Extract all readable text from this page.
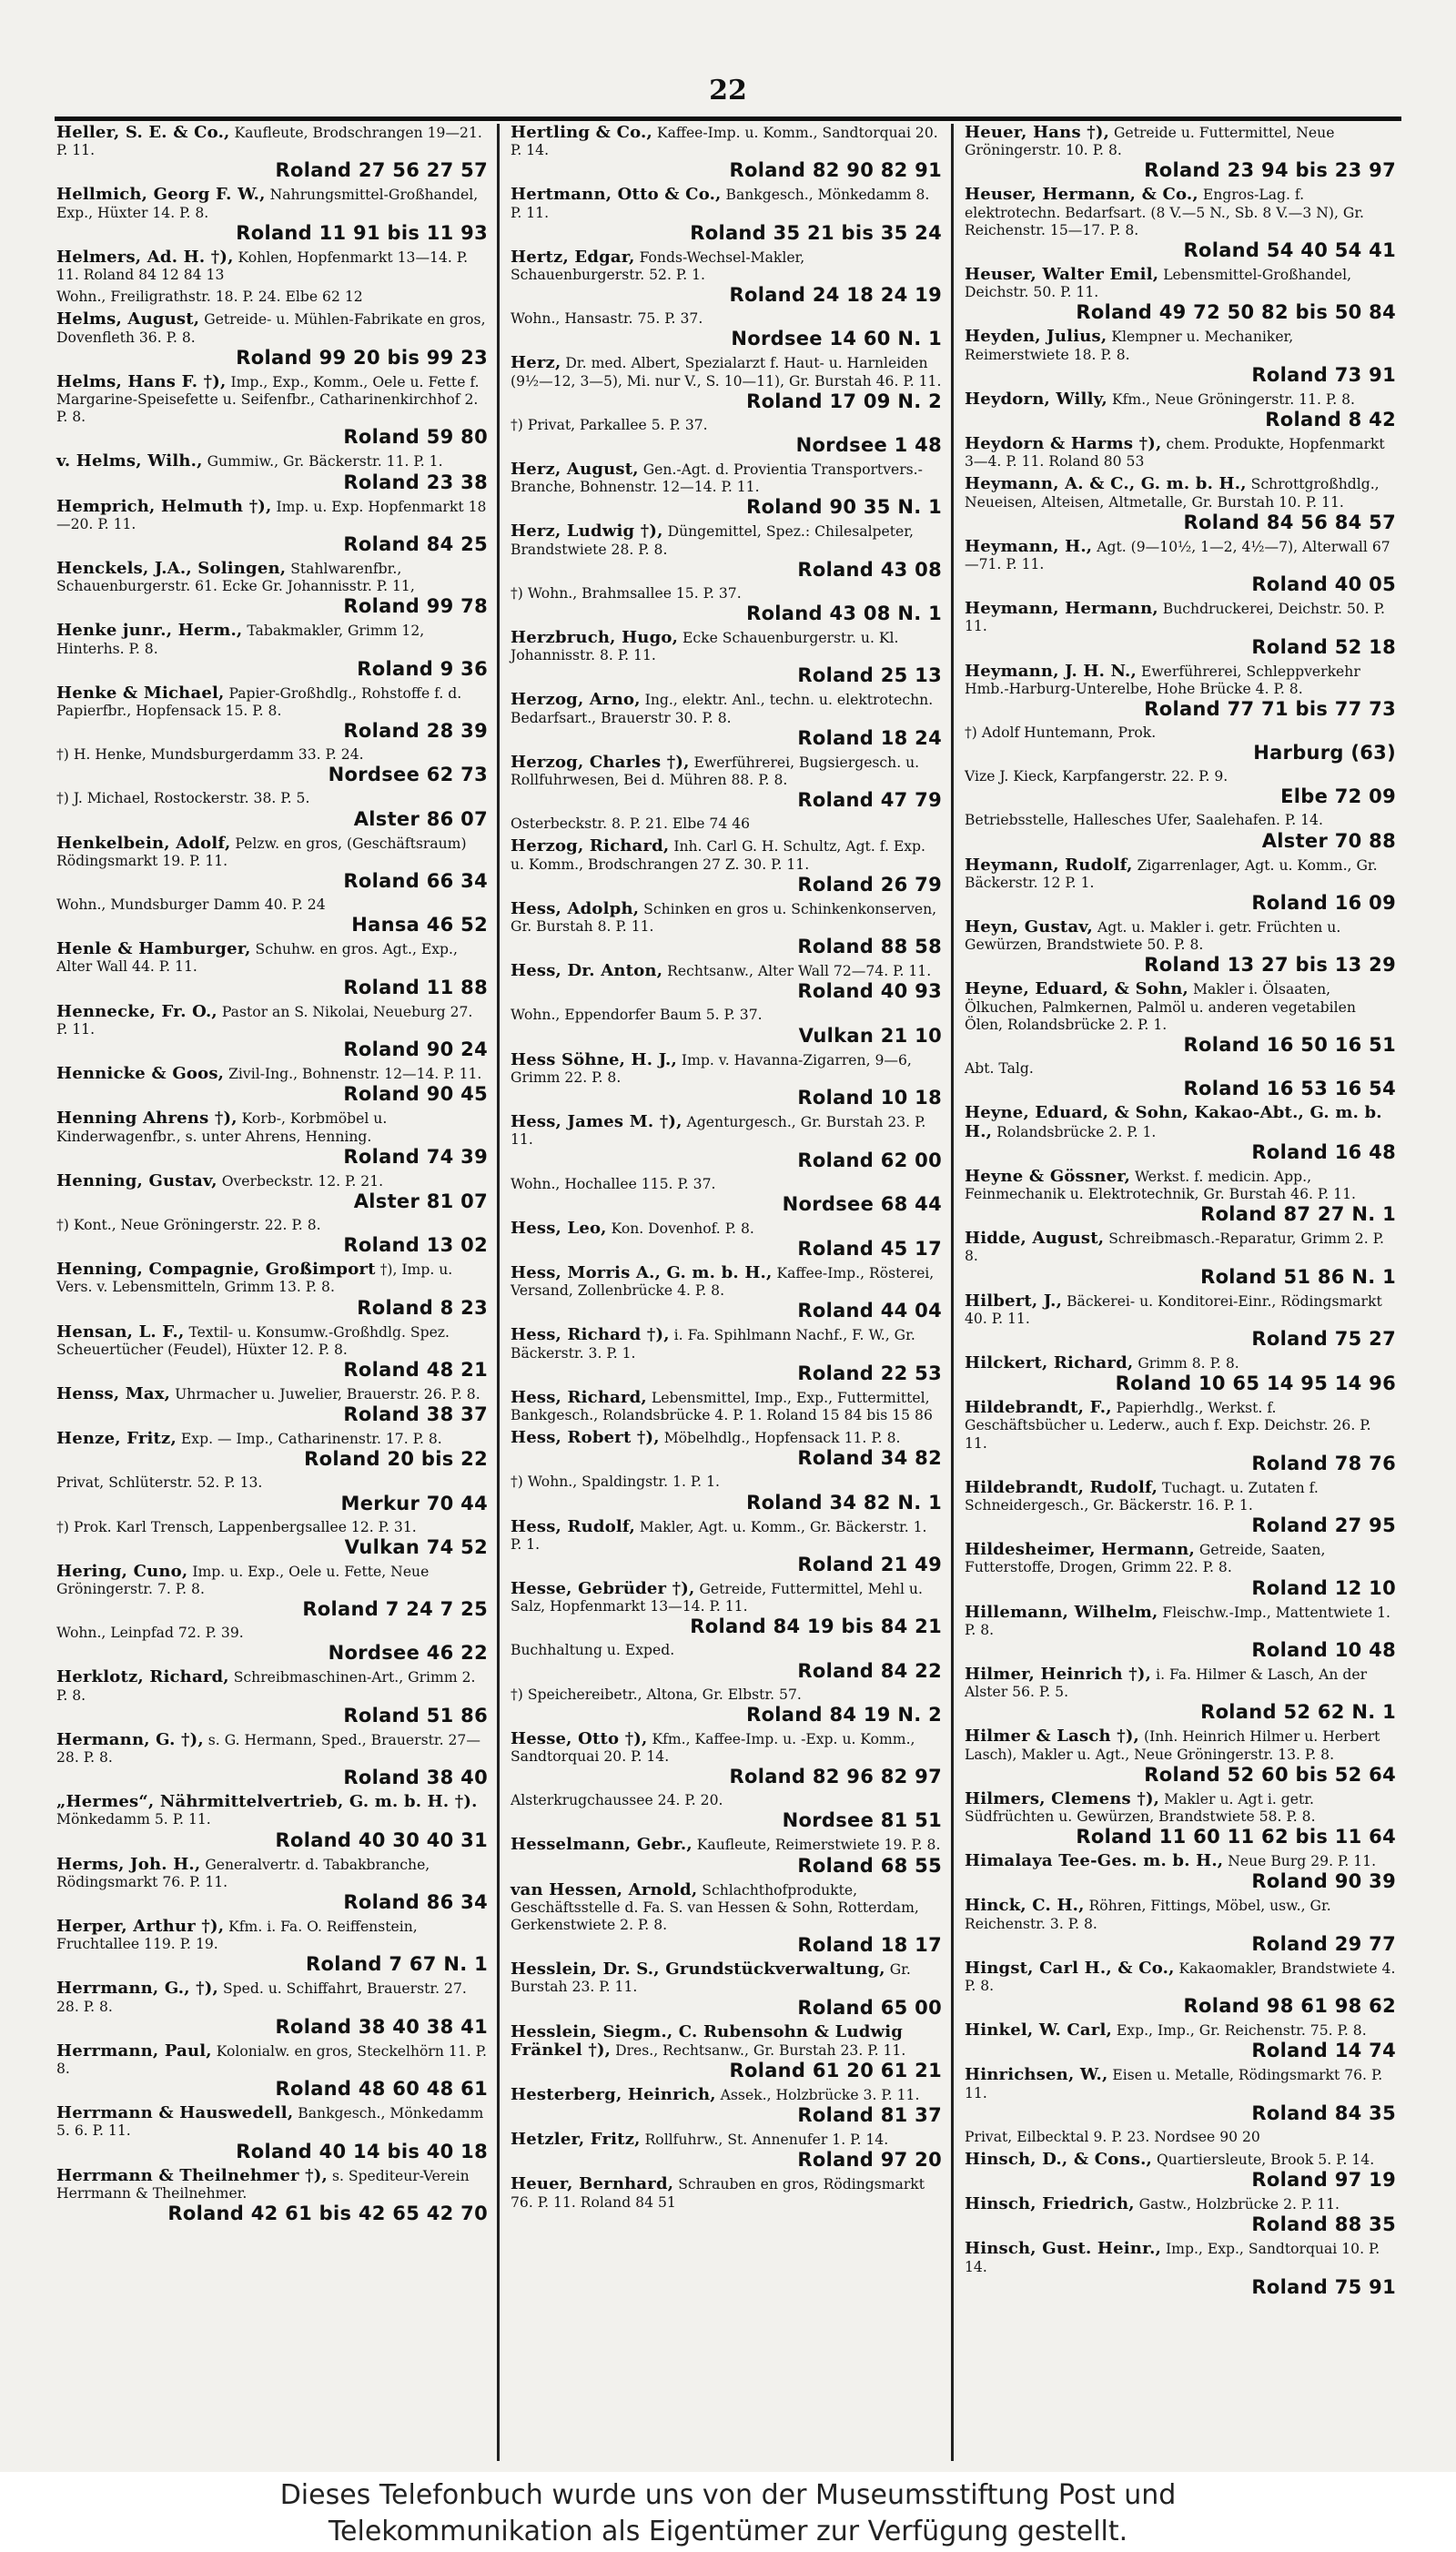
22
Heller, S. E. & Co., Kaufleute, Brodschrangen 19—21. P. 11.
Roland 27 56 27 57
Hellmich, Georg F. W., Nahrungsmittel-Großhandel, Exp., Hüxter 14. P. 8.
Roland 11 91 bis 11 93
Helmers, Ad. H. †), Kohlen, Hopfenmarkt 13—14. P. 11. Roland 84 12 84 13
Wohn., Freiligrathstr. 18. P. 24. Elbe 62 12
Helms, August, Getreide- u. Mühlen-Fabrikate en gros, Dovenfleth 36. P. 8.
Roland 99 20 bis 99 23
Helms, Hans F. †), Imp., Exp., Komm., Oele u. Fette f. Margarine-Speisefette u. Seifenfbr., Catharinenkirchhof 2. P. 8.
Roland 59 80
v. Helms, Wilh., Gummiw., Gr. Bäckerstr. 11. P. 1.
Roland 23 38
Hemprich, Helmuth †), Imp. u. Exp. Hopfenmarkt 18—20. P. 11.
Roland 84 25
Henckels, J.A., Solingen, Stahlwarenfbr., Schauenburgerstr. 61. Ecke Gr. Johannisstr. P. 11,
Roland 99 78
Henke junr., Herm., Tabakmakler, Grimm 12, Hinterhs. P. 8.
Roland 9 36
Henke & Michael, Papier-Großhdlg., Rohstoffe f. d. Papierfbr., Hopfensack 15. P. 8.
Roland 28 39
†) H. Henke, Mundsburgerdamm 33. P. 24.
Nordsee 62 73
†) J. Michael, Rostockerstr. 38. P. 5.
Alster 86 07
Henkelbein, Adolf, Pelzw. en gros, (Geschäftsraum) Rödingsmarkt 19. P. 11.
Roland 66 34
Wohn., Mundsburger Damm 40. P. 24
Hansa 46 52
Henle & Hamburger, Schuhw. en gros. Agt., Exp., Alter Wall 44. P. 11.
Roland 11 88
Hennecke, Fr. O., Pastor an S. Nikolai, Neueburg 27. P. 11.
Roland 90 24
Hennicke & Goos, Zivil-Ing., Bohnenstr. 12—14. P. 11.
Roland 90 45
Henning Ahrens †), Korb-, Korbmöbel u. Kinderwagenfbr., s. unter Ahrens, Henning.
Roland 74 39
Henning, Gustav, Overbeckstr. 12. P. 21.
Alster 81 07
†) Kont., Neue Gröningerstr. 22. P. 8.
Roland 13 02
Henning, Compagnie, Großimport †), Imp. u. Vers. v. Lebensmitteln, Grimm 13. P. 8.
Roland 8 23
Hensan, L. F., Textil- u. Konsumw.-Großhdlg. Spez. Scheuertücher (Feudel), Hüxter 12. P. 8.
Roland 48 21
Henss, Max, Uhrmacher u. Juwelier, Brauerstr. 26. P. 8.
Roland 38 37
Henze, Fritz, Exp. — Imp., Catharinenstr. 17. P. 8.
Roland 20 bis 22
Privat, Schlüterstr. 52. P. 13.
Merkur 70 44
†) Prok. Karl Trensch, Lappenbergsallee 12. P. 31.
Vulkan 74 52
Hering, Cuno, Imp. u. Exp., Oele u. Fette, Neue Gröningerstr. 7. P. 8.
Roland 7 24 7 25
Wohn., Leinpfad 72. P. 39.
Nordsee 46 22
Herklotz, Richard, Schreibmaschinen-Art., Grimm 2. P. 8.
Roland 51 86
Hermann, G. †), s. G. Hermann, Sped., Brauerstr. 27—28. P. 8.
Roland 38 40
„Hermes“, Nährmittelvertrieb, G. m. b. H. †). Mönkedamm 5. P. 11.
Roland 40 30 40 31
Herms, Joh. H., Generalvertr. d. Tabakbranche, Rödingsmarkt 76. P. 11.
Roland 86 34
Herper, Arthur †), Kfm. i. Fa. O. Reiffenstein, Fruchtallee 119. P. 19.
Roland 7 67 N. 1
Herrmann, G., †), Sped. u. Schiffahrt, Brauerstr. 27. 28. P. 8.
Roland 38 40 38 41
Herrmann, Paul, Kolonialw. en gros, Steckelhörn 11. P. 8.
Roland 48 60 48 61
Herrmann & Hauswedell, Bankgesch., Mönkedamm 5. 6. P. 11.
Roland 40 14 bis 40 18
Herrmann & Theilnehmer †), s. Spediteur-Verein Herrmann & Theilnehmer.
Roland 42 61 bis 42 65 42 70
Hertling & Co., Kaffee-Imp. u. Komm., Sandtorquai 20. P. 14.
Roland 82 90 82 91
Hertmann, Otto & Co., Bankgesch., Mönkedamm 8. P. 11.
Roland 35 21 bis 35 24
Hertz, Edgar, Fonds-Wechsel-Makler, Schauenburgerstr. 52. P. 1.
Roland 24 18 24 19
Wohn., Hansastr. 75. P. 37.
Nordsee 14 60 N. 1
Herz, Dr. med. Albert, Spezialarzt f. Haut- u. Harnleiden (9½—12, 3—5), Mi. nur V., S. 10—11), Gr. Burstah 46. P. 11.
Roland 17 09 N. 2
†) Privat, Parkallee 5. P. 37.
Nordsee 1 48
Herz, August, Gen.-Agt. d. Provientia Transportvers.-Branche, Bohnenstr. 12—14. P. 11.
Roland 90 35 N. 1
Herz, Ludwig †), Düngemittel, Spez.: Chilesalpeter, Brandstwiete 28. P. 8.
Roland 43 08
†) Wohn., Brahmsallee 15. P. 37.
Roland 43 08 N. 1
Herzbruch, Hugo, Ecke Schauenburgerstr. u. Kl. Johannisstr. 8. P. 11.
Roland 25 13
Herzog, Arno, Ing., elektr. Anl., techn. u. elektrotechn. Bedarfsart., Brauerstr 30. P. 8.
Roland 18 24
Herzog, Charles †), Ewerführerei, Bugsiergesch. u. Rollfuhrwesen, Bei d. Mühren 88. P. 8.
Roland 47 79
Osterbeckstr. 8. P. 21. Elbe 74 46
Herzog, Richard, Inh. Carl G. H. Schultz, Agt. f. Exp. u. Komm., Brodschrangen 27 Z. 30. P. 11.
Roland 26 79
Hess, Adolph, Schinken en gros u. Schinkenkonserven, Gr. Burstah 8. P. 11.
Roland 88 58
Hess, Dr. Anton, Rechtsanw., Alter Wall 72—74. P. 11.
Roland 40 93
Wohn., Eppendorfer Baum 5. P. 37.
Vulkan 21 10
Hess Söhne, H. J., Imp. v. Havanna-Zigarren, 9—6, Grimm 22. P. 8.
Roland 10 18
Hess, James M. †), Agenturgesch., Gr. Burstah 23. P. 11.
Roland 62 00
Wohn., Hochallee 115. P. 37.
Nordsee 68 44
Hess, Leo, Kon. Dovenhof. P. 8.
Roland 45 17
Hess, Morris A., G. m. b. H., Kaffee-Imp., Rösterei, Versand, Zollenbrücke 4. P. 8.
Roland 44 04
Hess, Richard †), i. Fa. Spihlmann Nachf., F. W., Gr. Bäckerstr. 3. P. 1.
Roland 22 53
Hess, Richard, Lebensmittel, Imp., Exp., Futtermittel, Bankgesch., Rolandsbrücke 4. P. 1. Roland 15 84 bis 15 86
Hess, Robert †), Möbelhdlg., Hopfensack 11. P. 8.
Roland 34 82
†) Wohn., Spaldingstr. 1. P. 1.
Roland 34 82 N. 1
Hess, Rudolf, Makler, Agt. u. Komm., Gr. Bäckerstr. 1. P. 1.
Roland 21 49
Hesse, Gebrüder †), Getreide, Futtermittel, Mehl u. Salz, Hopfenmarkt 13—14. P. 11.
Roland 84 19 bis 84 21
Buchhaltung u. Exped.
Roland 84 22
†) Speichereibetr., Altona, Gr. Elbstr. 57.
Roland 84 19 N. 2
Hesse, Otto †), Kfm., Kaffee-Imp. u. -Exp. u. Komm., Sandtorquai 20. P. 14.
Roland 82 96 82 97
Alsterkrugchaussee 24. P. 20.
Nordsee 81 51
Hesselmann, Gebr., Kaufleute, Reimerstwiete 19. P. 8.
Roland 68 55
van Hessen, Arnold, Schlachthofprodukte, Geschäftsstelle d. Fa. S. van Hessen & Sohn, Rotterdam, Gerkenstwiete 2. P. 8.
Roland 18 17
Hesslein, Dr. S., Grundstückverwaltung, Gr. Burstah 23. P. 11.
Roland 65 00
Hesslein, Siegm., C. Rubensohn & Ludwig Fränkel †), Dres., Rechtsanw., Gr. Burstah 23. P. 11.
Roland 61 20 61 21
Hesterberg, Heinrich, Assek., Holzbrücke 3. P. 11.
Roland 81 37
Hetzler, Fritz, Rollfuhrw., St. Annenufer 1. P. 14.
Roland 97 20
Heuer, Bernhard, Schrauben en gros, Rödingsmarkt 76. P. 11. Roland 84 51
Heuer, Hans †), Getreide u. Futtermittel, Neue Gröningerstr. 10. P. 8.
Roland 23 94 bis 23 97
Heuser, Hermann, & Co., Engros-Lag. f. elektrotechn. Bedarfsart. (8 V.—5 N., Sb. 8 V.—3 N), Gr. Reichenstr. 15—17. P. 8.
Roland 54 40 54 41
Heuser, Walter Emil, Lebensmittel-Großhandel, Deichstr. 50. P. 11.
Roland 49 72 50 82 bis 50 84
Heyden, Julius, Klempner u. Mechaniker, Reimerstwiete 18. P. 8.
Roland 73 91
Heydorn, Willy, Kfm., Neue Gröningerstr. 11. P. 8.
Roland 8 42
Heydorn & Harms †), chem. Produkte, Hopfenmarkt 3—4. P. 11. Roland 80 53
Heymann, A. & C., G. m. b. H., Schrottgroßhdlg., Neueisen, Alteisen, Altmetalle, Gr. Burstah 10. P. 11.
Roland 84 56 84 57
Heymann, H., Agt. (9—10½, 1—2, 4½—7), Alterwall 67—71. P. 11.
Roland 40 05
Heymann, Hermann, Buchdruckerei, Deichstr. 50. P. 11.
Roland 52 18
Heymann, J. H. N., Ewerführerei, Schleppverkehr Hmb.-Harburg-Unterelbe, Hohe Brücke 4. P. 8.
Roland 77 71 bis 77 73
†) Adolf Huntemann, Prok.
Harburg (63)
Vize J. Kieck, Karpfangerstr. 22. P. 9.
Elbe 72 09
Betriebsstelle, Hallesches Ufer, Saalehafen. P. 14.
Alster 70 88
Heymann, Rudolf, Zigarrenlager, Agt. u. Komm., Gr. Bäckerstr. 12 P. 1.
Roland 16 09
Heyn, Gustav, Agt. u. Makler i. getr. Früchten u. Gewürzen, Brandstwiete 50. P. 8.
Roland 13 27 bis 13 29
Heyne, Eduard, & Sohn, Makler i. Ölsaaten, Ölkuchen, Palmkernen, Palmöl u. anderen vegetabilen Ölen, Rolandsbrücke 2. P. 1.
Roland 16 50 16 51
Abt. Talg.
Roland 16 53 16 54
Heyne, Eduard, & Sohn, Kakao-Abt., G. m. b. H., Rolandsbrücke 2. P. 1.
Roland 16 48
Heyne & Gössner, Werkst. f. medicin. App., Feinmechanik u. Elektrotechnik, Gr. Burstah 46. P. 11.
Roland 87 27 N. 1
Hidde, August, Schreibmasch.-Reparatur, Grimm 2. P. 8.
Roland 51 86 N. 1
Hilbert, J., Bäckerei- u. Konditorei-Einr., Rödingsmarkt 40. P. 11.
Roland 75 27
Hilckert, Richard, Grimm 8. P. 8.
Roland 10 65 14 95 14 96
Hildebrandt, F., Papierhdlg., Werkst. f. Geschäftsbücher u. Lederw., auch f. Exp. Deichstr. 26. P. 11.
Roland 78 76
Hildebrandt, Rudolf, Tuchagt. u. Zutaten f. Schneidergesch., Gr. Bäckerstr. 16. P. 1.
Roland 27 95
Hildesheimer, Hermann, Getreide, Saaten, Futterstoffe, Drogen, Grimm 22. P. 8.
Roland 12 10
Hillemann, Wilhelm, Fleischw.-Imp., Mattentwiete 1. P. 8.
Roland 10 48
Hilmer, Heinrich †), i. Fa. Hilmer & Lasch, An der Alster 56. P. 5.
Roland 52 62 N. 1
Hilmer & Lasch †), (Inh. Heinrich Hilmer u. Herbert Lasch), Makler u. Agt., Neue Gröningerstr. 13. P. 8.
Roland 52 60 bis 52 64
Hilmers, Clemens †), Makler u. Agt i. getr. Südfrüchten u. Gewürzen, Brandstwiete 58. P. 8.
Roland 11 60 11 62 bis 11 64
Himalaya Tee-Ges. m. b. H., Neue Burg 29. P. 11.
Roland 90 39
Hinck, C. H., Röhren, Fittings, Möbel, usw., Gr. Reichenstr. 3. P. 8.
Roland 29 77
Hingst, Carl H., & Co., Kakaomakler, Brandstwiete 4. P. 8.
Roland 98 61 98 62
Hinkel, W. Carl, Exp., Imp., Gr. Reichenstr. 75. P. 8.
Roland 14 74
Hinrichsen, W., Eisen u. Metalle, Rödingsmarkt 76. P. 11.
Roland 84 35
Privat, Eilbecktal 9. P. 23. Nordsee 90 20
Hinsch, D., & Cons., Quartiersleute, Brook 5. P. 14.
Roland 97 19
Hinsch, Friedrich, Gastw., Holzbrücke 2. P. 11.
Roland 88 35
Hinsch, Gust. Heinr., Imp., Exp., Sandtorquai 10. P. 14.
Roland 75 91
Dieses Telefonbuch wurde uns von der Museumsstiftung Post und
Telekommunikation als Eigentümer zur Verfügung gestellt.
